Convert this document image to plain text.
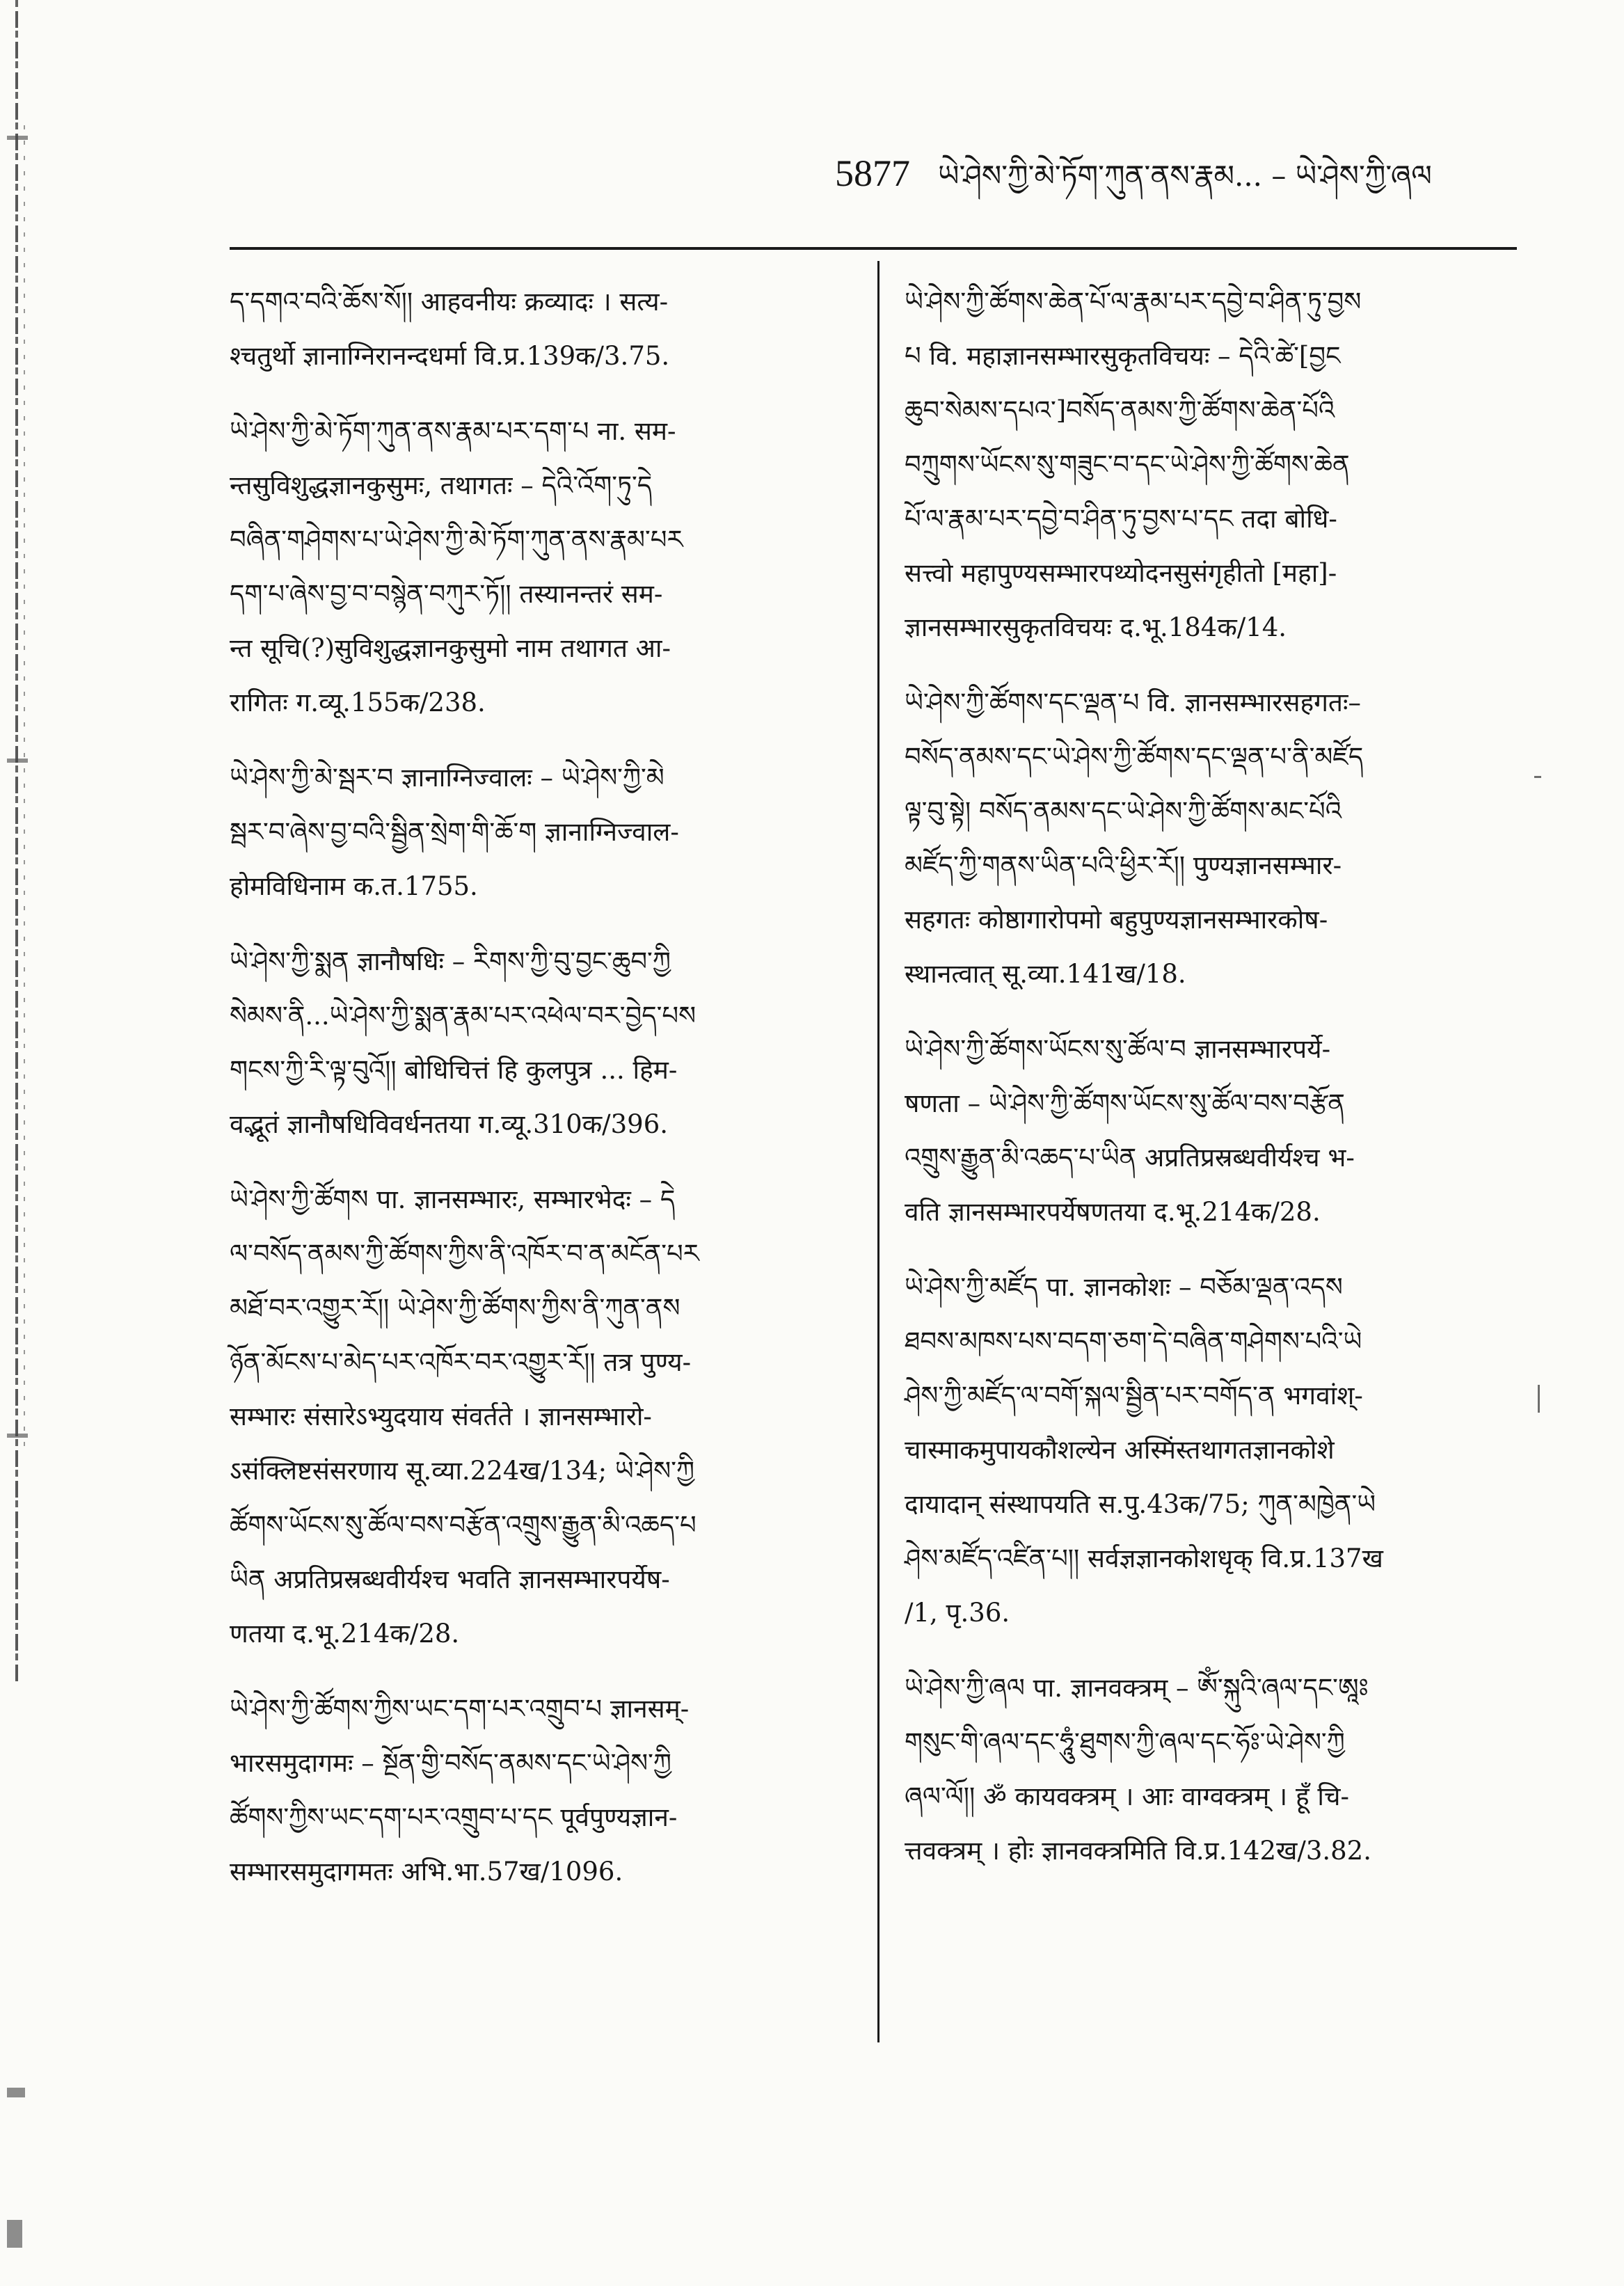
5877 ཡེ་ཤེས་ཀྱི་མེ་ཏོག་ཀུན་ནས་རྣམ... – ཡེ་ཤེས་ཀྱི་ཞལ
ད་དགའ་བའི་ཆོས་སོ།། आहवनीयः क्रव्यादः । सत्य-
श्चतुर्थो ज्ञानाग्निरानन्दधर्मा वि.प्र.139क/3.75.
ཡེ་ཤེས་ཀྱི་མེ་ཏོག་ཀུན་ནས་རྣམ་པར་དག་པ ना. सम-
न्तसुविशुद्धज्ञानकुसुमः, तथागतः – དེའི་འོག་ཏུ་དེ
བཞིན་གཤེགས་པ་ཡེ་ཤེས་ཀྱི་མེ་ཏོག་ཀུན་ནས་རྣམ་པར
དག་པ་ཞེས་བྱ་བ་བསྙེན་བཀུར་ཏོ།། तस्यानन्तरं सम-
न्त सूचि(?)सुविशुद्धज्ञानकुसुमो नाम तथागत आ-
रागितः ग.व्यू.155क/238.
ཡེ་ཤེས་ཀྱི་མེ་སྦར་བ ज्ञानाग्निज्वालः – ཡེ་ཤེས་ཀྱི་མེ
སྦར་བ་ཞེས་བྱ་བའི་སྦྱིན་སྲེག་གི་ཆོ་ག ज्ञानाग्निज्वाल-
होमविधिनाम क.त.1755.
ཡེ་ཤེས་ཀྱི་སྨན ज्ञानौषधिः – རིགས་ཀྱི་བུ་བྱང་ཆུབ་ཀྱི
སེམས་ནི...ཡེ་ཤེས་ཀྱི་སྨན་རྣམ་པར་འཕེལ་བར་བྱེད་པས
གངས་ཀྱི་རི་ལྟ་བུའོ།། बोधिचित्तं हि कुलपुत्र ... हिम-
वद्भूतं ज्ञानौषधिविवर्धनतया ग.व्यू.310क/396.
ཡེ་ཤེས་ཀྱི་ཚོགས पा. ज्ञानसम्भारः, सम्भारभेदः – དེ
ལ་བསོད་ནམས་ཀྱི་ཚོགས་ཀྱིས་ནི་འཁོར་བ་ན་མངོན་པར
མཐོ་བར་འགྱུར་རོ།། ཡེ་ཤེས་ཀྱི་ཚོགས་ཀྱིས་ནི་ཀུན་ནས
ཉོན་མོངས་པ་མེད་པར་འཁོར་བར་འགྱུར་རོ།། तत्र पुण्य-
सम्भारः संसारेऽभ्युदयाय संवर्तते । ज्ञानसम्भारो-
ऽसंक्लिष्टसंसरणाय सू.व्या.224ख/134; ཡེ་ཤེས་ཀྱི
ཚོགས་ཡོངས་སུ་ཚོལ་བས་བརྩོན་འགྲུས་རྒྱུན་མི་འཆད་པ
ཡིན अप्रतिप्रस्रब्धवीर्यश्च भवति ज्ञानसम्भारपर्येष-
णतया द.भू.214क/28.
ཡེ་ཤེས་ཀྱི་ཚོགས་ཀྱིས་ཡང་དག་པར་འགྲུབ་པ ज्ञानसम्-
भारसमुदागमः – སྔོན་གྱི་བསོད་ནམས་དང་ཡེ་ཤེས་ཀྱི
ཚོགས་ཀྱིས་ཡང་དག་པར་འགྲུབ་པ་དང पूर्वपुण्यज्ञान-
सम्भारसमुदागमतः अभि.भा.57ख/1096.
ཡེ་ཤེས་ཀྱི་ཚོགས་ཆེན་པོ་ལ་རྣམ་པར་དབྱེ་བ་ཤིན་ཏུ་བྱས
པ वि. महाज्ञानसम्भारसुकृतविचयः – དེའི་ཚེ་[བྱང
ཆུབ་སེམས་དཔའ་]བསོད་ནམས་ཀྱི་ཚོགས་ཆེན་པོའི
བཀྲུགས་ཡོངས་སུ་གཟུང་བ་དང་ཡེ་ཤེས་ཀྱི་ཚོགས་ཆེན
པོ་ལ་རྣམ་པར་དབྱེ་བ་ཤིན་ཏུ་བྱས་པ་དང तदा बोधि-
सत्त्वो महापुण्यसम्भारपथ्योदनसुसंगृहीतो [महा]-
ज्ञानसम्भारसुकृतविचयः द.भू.184क/14.
ཡེ་ཤེས་ཀྱི་ཚོགས་དང་ལྡན་པ वि. ज्ञानसम्भारसहगतः–
བསོད་ནམས་དང་ཡེ་ཤེས་ཀྱི་ཚོགས་དང་ལྡན་པ་ནི་མཛོད
ལྟ་བུ་སྟེ། བསོད་ནམས་དང་ཡེ་ཤེས་ཀྱི་ཚོགས་མང་པོའི
མཛོད་ཀྱི་གནས་ཡིན་པའི་ཕྱིར་རོ།། पुण्यज्ञानसम्भार-
सहगतः कोष्ठागारोपमो बहुपुण्यज्ञानसम्भारकोष-
स्थानत्वात् सू.व्या.141ख/18.
ཡེ་ཤེས་ཀྱི་ཚོགས་ཡོངས་སུ་ཚོལ་བ ज्ञानसम्भारपर्ये-
षणता – ཡེ་ཤེས་ཀྱི་ཚོགས་ཡོངས་སུ་ཚོལ་བས་བརྩོན
འགྲུས་རྒྱུན་མི་འཆད་པ་ཡིན अप्रतिप्रस्रब्धवीर्यश्च भ-
वति ज्ञानसम्भारपर्येषणतया द.भू.214क/28.
ཡེ་ཤེས་ཀྱི་མཛོད पा. ज्ञानकोशः – བཅོམ་ལྡན་འདས
ཐབས་མཁས་པས་བདག་ཅག་དེ་བཞིན་གཤེགས་པའི་ཡེ
ཤེས་ཀྱི་མཛོད་ལ་བགོ་སྐལ་སྦྱིན་པར་བགོད་ན भगवांश्-
चास्माकमुपायकौशल्येन अस्मिंस्तथागतज्ञानकोशे
दायादान् संस्थापयति स.पु.43क/75; ཀུན་མཁྱེན་ཡེ
ཤེས་མཛོད་འཛིན་པ།། सर्वज्ञज्ञानकोशधृक् वि.प्र.137ख
/1, पृ.36.
ཡེ་ཤེས་ཀྱི་ཞལ पा. ज्ञानवक्त्रम् – ཨོཾ་སྐུའི་ཞལ་དང་ཨཱཿ
གསུང་གི་ཞལ་དང་ཧཱུཾ་ཐུགས་ཀྱི་ཞལ་དང་ཧོཿ་ཡེ་ཤེས་ཀྱི
ཞལ་ལོ།། ॐ कायवक्त्रम् । आः वाग्वक्त्रम् । हूँ चि-
त्तवक्त्रम् । होः ज्ञानवक्त्रमिति वि.प्र.142ख/3.82.
